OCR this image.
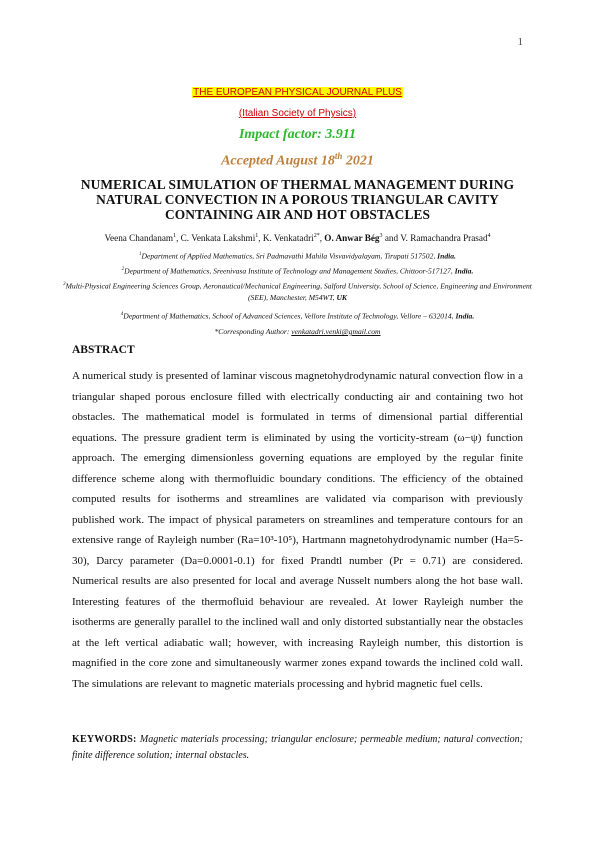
1
THE EUROPEAN PHYSICAL JOURNAL PLUS
(Italian Society of Physics)
Impact factor: 3.911
Accepted August 18th 2021
NUMERICAL SIMULATION OF THERMAL MANAGEMENT DURING NATURAL CONVECTION IN A POROUS TRIANGULAR CAVITY CONTAINING AIR AND HOT OBSTACLES
Veena Chandanam$^1$, C. Venkata Lakshmi$^1$, K. Venkatadri$^{2*}$, O. Anwar Bég$^3$ and V. Ramachandra Prasad$^4$
$^1$Department of Applied Mathematics, Sri Padmavathi Mahila Visvavidyalayam, Tirupati 517502, India.
$^2$Department of Mathematics, Sreenivasa Institute of Technology and Management Studies, Chittoor-517127, India.
$^3$Multi-Physical Engineering Sciences Group, Aeronautical/Mechanical Engineering, Salford University, School of Science, Engineering and Environment (SEE), Manchester, M54WT, UK
$^4$Department of Mathematics, School of Advanced Sciences, Vellore Institute of Technology, Vellore – 632014, India.
*Corresponding Author: venkatadri.venki@gmail.com
ABSTRACT

A numerical study is presented of laminar viscous magnetohydrodynamic natural convection flow in a triangular shaped porous enclosure filled with electrically conducting air and containing two hot obstacles. The mathematical model is formulated in terms of dimensional partial differential equations. The pressure gradient term is eliminated by using the vorticity-stream (ω−ψ) function approach. The emerging dimensionless governing equations are employed by the regular finite difference scheme along with thermofluidic boundary conditions. The efficiency of the obtained computed results for isotherms and streamlines are validated via comparison with previously published work. The impact of physical parameters on streamlines and temperature contours for an extensive range of Rayleigh number (Ra=10³-10⁵), Hartmann magnetohydrodynamic number (Ha=5-30), Darcy parameter (Da=0.0001-0.1) for fixed Prandtl number (Pr = 0.71) are considered. Numerical results are also presented for local and average Nusselt numbers along the hot base wall. Interesting features of the thermofluid behaviour are revealed. At lower Rayleigh number the isotherms are generally parallel to the inclined wall and only distorted substantially near the obstacles at the left vertical adiabatic wall; however, with increasing Rayleigh number, this distortion is magnified in the core zone and simultaneously warmer zones expand towards the inclined cold wall. The simulations are relevant to magnetic materials processing and hybrid magnetic fuel cells.

KEYWORDS: Magnetic materials processing; triangular enclosure; permeable medium; natural convection; finite difference solution; internal obstacles.
